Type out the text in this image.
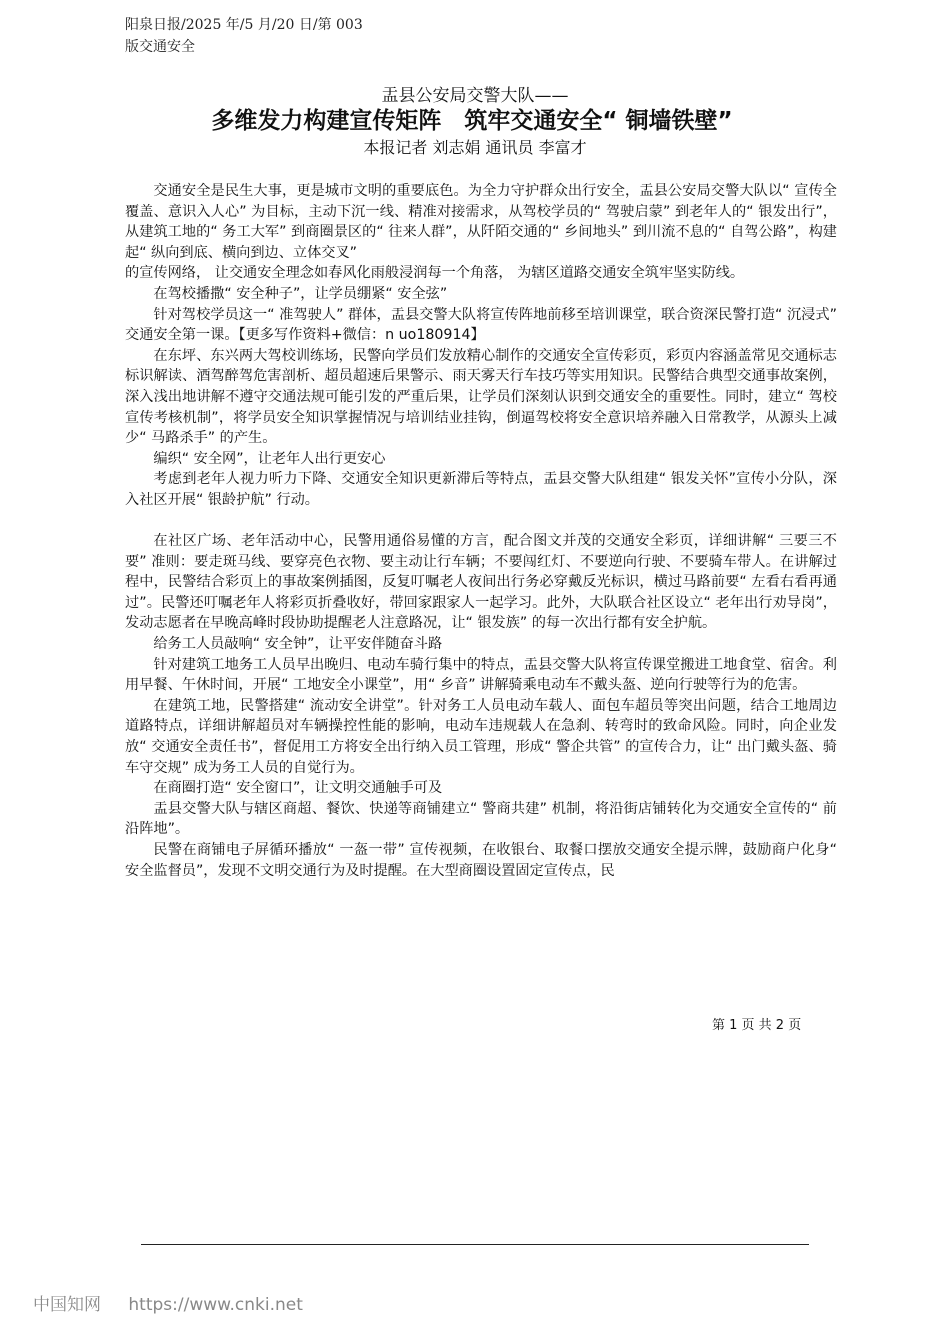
阳泉日报/2025 年/5 月/20 日/第 003
版交通安全
盂县公安局交警大队——
多维发力构建宣传矩阵　筑牢交通安全“ 铜墙铁壁”
本报记者 刘志娟 通讯员 李富才

交通安全是民生大事，更是城市文明的重要底色。为全力守护群众出行安全，盂县公安局交警大队以“ 宣传全覆盖、意识入人心” 为目标，主动下沉一线、精准对接需求，从驾校学员的“ 驾驶启蒙” 到老年人的“ 银发出行”，从建筑工地的“ 务工大军” 到商圈景区的“ 往来人群”，从阡陌交通的“ 乡间地头” 到川流不息的“ 自驾公路”，构建起“ 纵向到底、横向到边、立体交叉”

的宣传网络， 让交通安全理念如春风化雨般浸润每一个角落， 为辖区道路交通安全筑牢坚实防线。

在驾校播撒“ 安全种子”，让学员绷紧“ 安全弦”

针对驾校学员这一“ 准驾驶人” 群体，盂县交警大队将宣传阵地前移至培训课堂，联合资深民警打造“ 沉浸式” 交通安全第一课。【更多写作资料+微信：n uo180914】

在东坪、东兴两大驾校训练场，民警向学员们发放精心制作的交通安全宣传彩页，彩页内容涵盖常见交通标志标识解读、酒驾醉驾危害剖析、超员超速后果警示、雨天雾天行车技巧等实用知识。民警结合典型交通事故案例，深入浅出地讲解不遵守交通法规可能引发的严重后果，让学员们深刻认识到交通安全的重要性。同时，建立“ 驾校宣传考核机制”，将学员安全知识掌握情况与培训结业挂钩，倒逼驾校将安全意识培养融入日常教学，从源头上减少“ 马路杀手” 的产生。

编织“ 安全网”，让老年人出行更安心

考虑到老年人视力听力下降、交通安全知识更新滞后等特点，盂县交警大队组建“ 银发关怀”宣传小分队，深入社区开展“ 银龄护航” 行动。

在社区广场、老年活动中心，民警用通俗易懂的方言，配合图文并茂的交通安全彩页，详细讲解“ 三要三不要” 准则：要走斑马线、要穿亮色衣物、要主动让行车辆；不要闯红灯、不要逆向行驶、不要骑车带人。在讲解过程中，民警结合彩页上的事故案例插图，反复叮嘱老人夜间出行务必穿戴反光标识，横过马路前要“ 左看右看再通过”。民警还叮嘱老年人将彩页折叠收好，带回家跟家人一起学习。此外，大队联合社区设立“ 老年出行劝导岗”，发动志愿者在早晚高峰时段协助提醒老人注意路况，让“ 银发族” 的每一次出行都有安全护航。

给务工人员敲响“ 安全钟”，让平安伴随奋斗路

针对建筑工地务工人员早出晚归、电动车骑行集中的特点，盂县交警大队将宣传课堂搬进工地食堂、宿舍。利用早餐、午休时间，开展“ 工地安全小课堂”，用“ 乡音” 讲解骑乘电动车不戴头盔、逆向行驶等行为的危害。

在建筑工地，民警搭建“ 流动安全讲堂”。针对务工人员电动车载人、面包车超员等突出问题，结合工地周边道路特点，详细讲解超员对车辆操控性能的影响，电动车违规载人在急刹、转弯时的致命风险。同时，向企业发放“ 交通安全责任书”，督促用工方将安全出行纳入员工管理，形成“ 警企共管” 的宣传合力，让“ 出门戴头盔、骑车守交规” 成为务工人员的自觉行为。

在商圈打造“ 安全窗口”，让文明交通触手可及

盂县交警大队与辖区商超、餐饮、快递等商铺建立“ 警商共建” 机制，将沿街店铺转化为交通安全宣传的“ 前沿阵地”。

民警在商铺电子屏循环播放“ 一盔一带” 宣传视频，在收银台、取餐口摆放交通安全提示牌，鼓励商户化身“ 安全监督员”，发现不文明交通行为及时提醒。在大型商圈设置固定宣传点，民

第 1 页 共 2 页
中国知网 https://www.cnki.net
